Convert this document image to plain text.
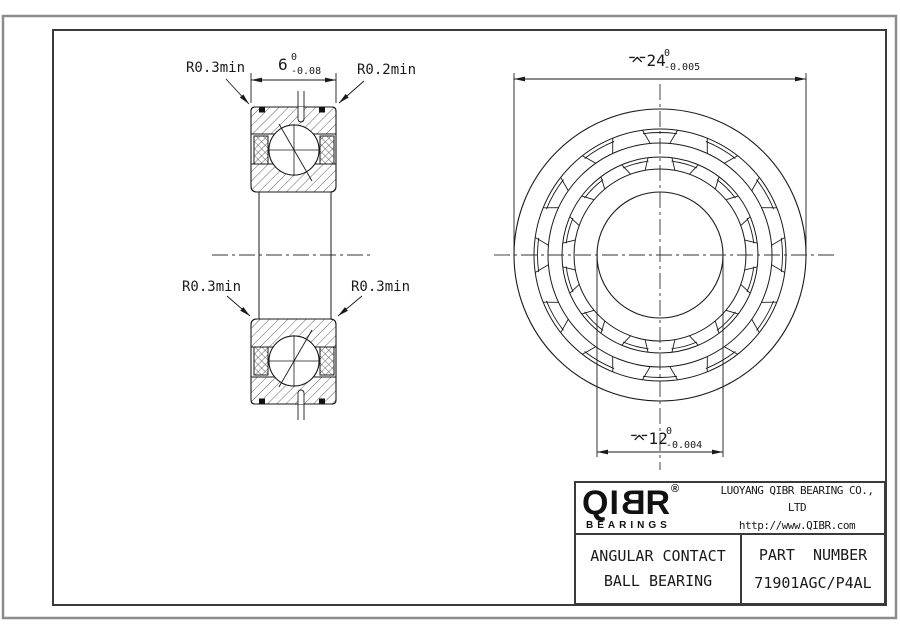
6 0
-0.08
R0.3min	R0.2min
R0.3min	R0.3min
⌤24
0
-0.005
⌤12
0
-0.004
Q I B R ®
BEARINGS
LUOYANG QIBR BEARING CO., LTD
http://www.QIBR.com
ANGULAR CONTACT
BALL BEARING
PART  NUMBER
71901AGC/P4AL
